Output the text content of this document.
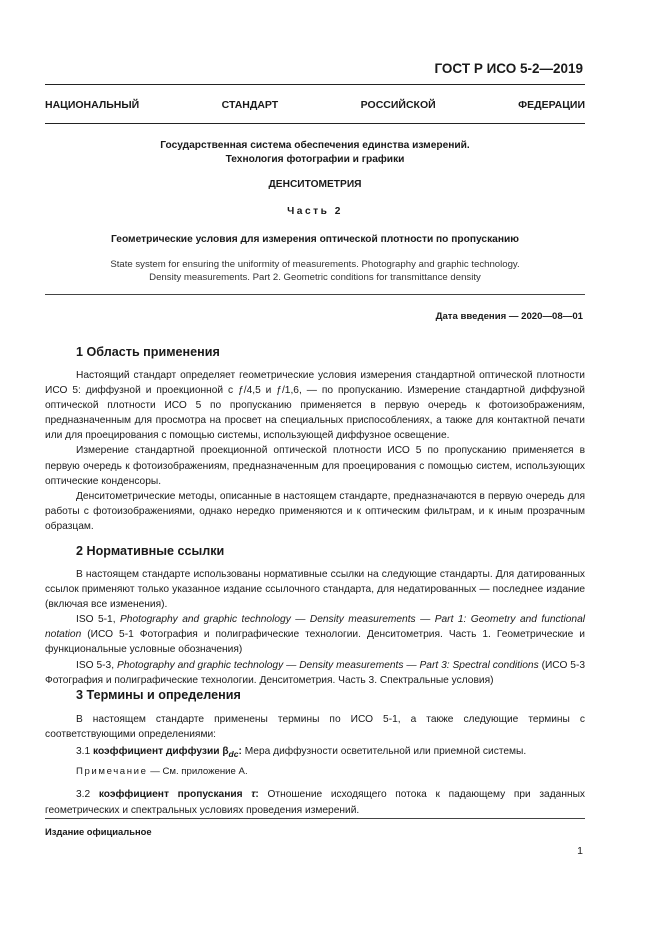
ГОСТ Р ИСО 5-2—2019
НАЦИОНАЛЬНЫЙ СТАНДАРТ РОССИЙСКОЙ ФЕДЕРАЦИИ
Государственная система обеспечения единства измерений.
Технология фотографии и графики
ДЕНСИТОМЕТРИЯ
Часть 2
Геометрические условия для измерения оптической плотности по пропусканию
State system for ensuring the uniformity of measurements. Photography and graphic technology.
Density measurements. Part 2. Geometric conditions for transmittance density
Дата введения — 2020—08—01
1 Область применения

Настоящий стандарт определяет геометрические условия измерения стандартной оптической плотности ИСО 5: диффузной и проекционной с ƒ/4,5 и ƒ/1,6, — по пропусканию. Измерение стандартной диффузной оптической плотности ИСО 5 по пропусканию применяется в первую очередь к фотоизображениям, предназначенным для просмотра на просвет на специальных приспособлениях, а также для контактной печати или для проецирования с помощью системы, использующей диффузное освещение.

Измерение стандартной проекционной оптической плотности ИСО 5 по пропусканию применяется в первую очередь к фотоизображениям, предназначенным для проецирования с помощью систем, использующих оптические конденсоры.

Денситометрические методы, описанные в настоящем стандарте, предназначаются в первую очередь для работы с фотоизображениями, однако нередко применяются и к оптическим фильтрам, и к иным прозрачным образцам.

2 Нормативные ссылки

В настоящем стандарте использованы нормативные ссылки на следующие стандарты. Для датированных ссылок применяют только указанное издание ссылочного стандарта, для недатированных — последнее издание (включая все изменения).

ISO 5-1, Photography and graphic technology — Density measurements — Part 1: Geometry and functional notation (ИСО 5-1 Фотография и полиграфические технологии. Денситометрия. Часть 1. Геометрические и функциональные условные обозначения)

ISO 5-3, Photography and graphic technology — Density measurements — Part 3: Spectral conditions (ИСО 5-3 Фотография и полиграфические технологии. Денситометрия. Часть 3. Спектральные условия)

3 Термины и определения

В настоящем стандарте применены термины по ИСО 5-1, а также следующие термины с соответствующими определениями:

3.1 коэффициент диффузии $\beta_{dc}$: Мера диффузности осветительной или приемной системы.

Примечание — См. приложение А.

3.2 коэффициент пропускания τ: Отношение исходящего потока к падающему при заданных геометрических и спектральных условиях проведения измерений.

Издание официальное
1
